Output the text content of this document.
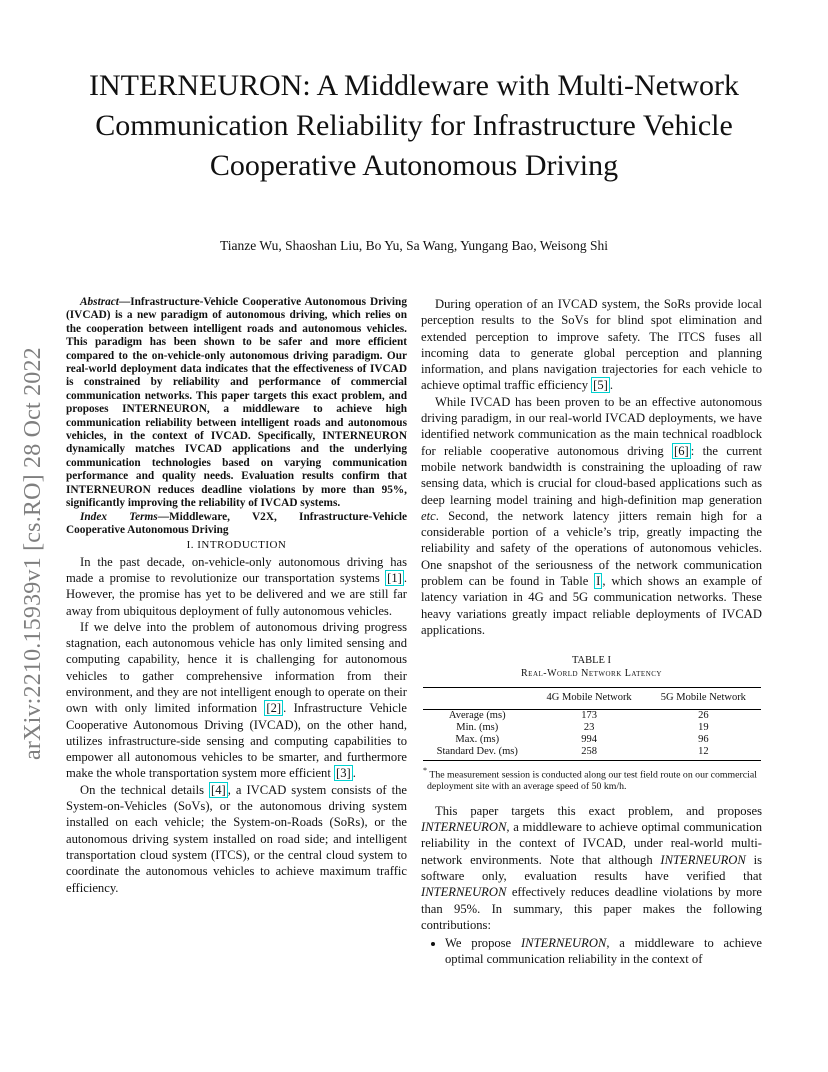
INTERNEURON: A Middleware with Multi-Network Communication Reliability for Infrastructure Vehicle Cooperative Autonomous Driving

Tianze Wu, Shaoshan Liu, Bo Yu, Sa Wang, Yungang Bao, Weisong Shi

arXiv:2210.15939v1 [cs.RO] 28 Oct 2022

Abstract—Infrastructure-Vehicle Cooperative Autonomous Driving (IVCAD) is a new paradigm of autonomous driving, which relies on the cooperation between intelligent roads and autonomous vehicles. This paradigm has been shown to be safer and more efficient compared to the on-vehicle-only autonomous driving paradigm. Our real-world deployment data indicates that the effectiveness of IVCAD is constrained by reliability and performance of commercial communication networks. This paper targets this exact problem, and proposes INTERNEURON, a middleware to achieve high communication reliability between intelligent roads and autonomous vehicles, in the context of IVCAD. Specifically, INTERNEURON dynamically matches IVCAD applications and the underlying communication technologies based on varying communication performance and quality needs. Evaluation results confirm that INTERNEURON reduces deadline violations by more than 95%, significantly improving the reliability of IVCAD systems.

Index Terms—Middleware, V2X, Infrastructure-Vehicle Cooperative Autonomous Driving

I. INTRODUCTION

In the past decade, on-vehicle-only autonomous driving has made a promise to revolutionize our transportation systems [1] . However, the promise has yet to be delivered and we are still far away from ubiquitous deployment of fully autonomous vehicles.

If we delve into the problem of autonomous driving progress stagnation, each autonomous vehicle has only limited sensing and computing capability, hence it is challenging for autonomous vehicles to gather comprehensive information from their environment, and they are not intelligent enough to operate on their own with only limited information [2] . Infrastructure Vehicle Cooperative Autonomous Driving (IVCAD), on the other hand, utilizes infrastructure-side sensing and computing capabilities to empower all autonomous vehicles to be smarter, and furthermore make the whole transportation system more efficient [3] .

On the technical details [4] , a IVCAD system consists of the System-on-Vehicles (SoVs), or the autonomous driving system installed on each vehicle; the System-on-Roads (SoRs), or the autonomous driving system installed on road side; and intelligent transportation cloud system (ITCS), or the central cloud system to coordinate the autonomous vehicles to achieve maximum traffic efficiency.

During operation of an IVCAD system, the SoRs provide local perception results to the SoVs for blind spot elimination and extended perception to improve safety. The ITCS fuses all incoming data to generate global perception and planning information, and plans navigation trajectories for each vehicle to achieve optimal traffic efficiency [5] .

While IVCAD has been proven to be an effective autonomous driving paradigm, in our real-world IVCAD deployments, we have identified network communication as the main technical roadblock for reliable cooperative autonomous driving [6] : the current mobile network bandwidth is constraining the uploading of raw sensing data, which is crucial for cloud-based applications such as deep learning model training and high-definition map generation etc. Second, the network latency jitters remain high for a considerable portion of a vehicle’s trip, greatly impacting the reliability and safety of the operations of autonomous vehicles. One snapshot of the seriousness of the network communication problem can be found in Table I , which shows an example of latency variation in 4G and 5G communication networks. These heavy variations greatly impact reliable deployments of IVCAD applications.

TABLE I
Real-World Network Latency
	4G Mobile Network	5G Mobile Network
Average (ms)	173	26
Min. (ms)	23	19
Max. (ms)	994	96
Standard Dev. (ms)	258	12
* The measurement session is conducted along our test field route on our commercial deployment site with an average speed of 50 km/h.

This paper targets this exact problem, and proposes INTERNEURON, a middleware to achieve optimal communication reliability in the context of IVCAD, under real-world multi-network environments. Note that although INTERNEURON is software only, evaluation results have verified that INTERNEURON effectively reduces deadline violations by more than 95%. In summary, this paper makes the following contributions:

• We propose INTERNEURON, a middleware to achieve optimal communication reliability in the context of
